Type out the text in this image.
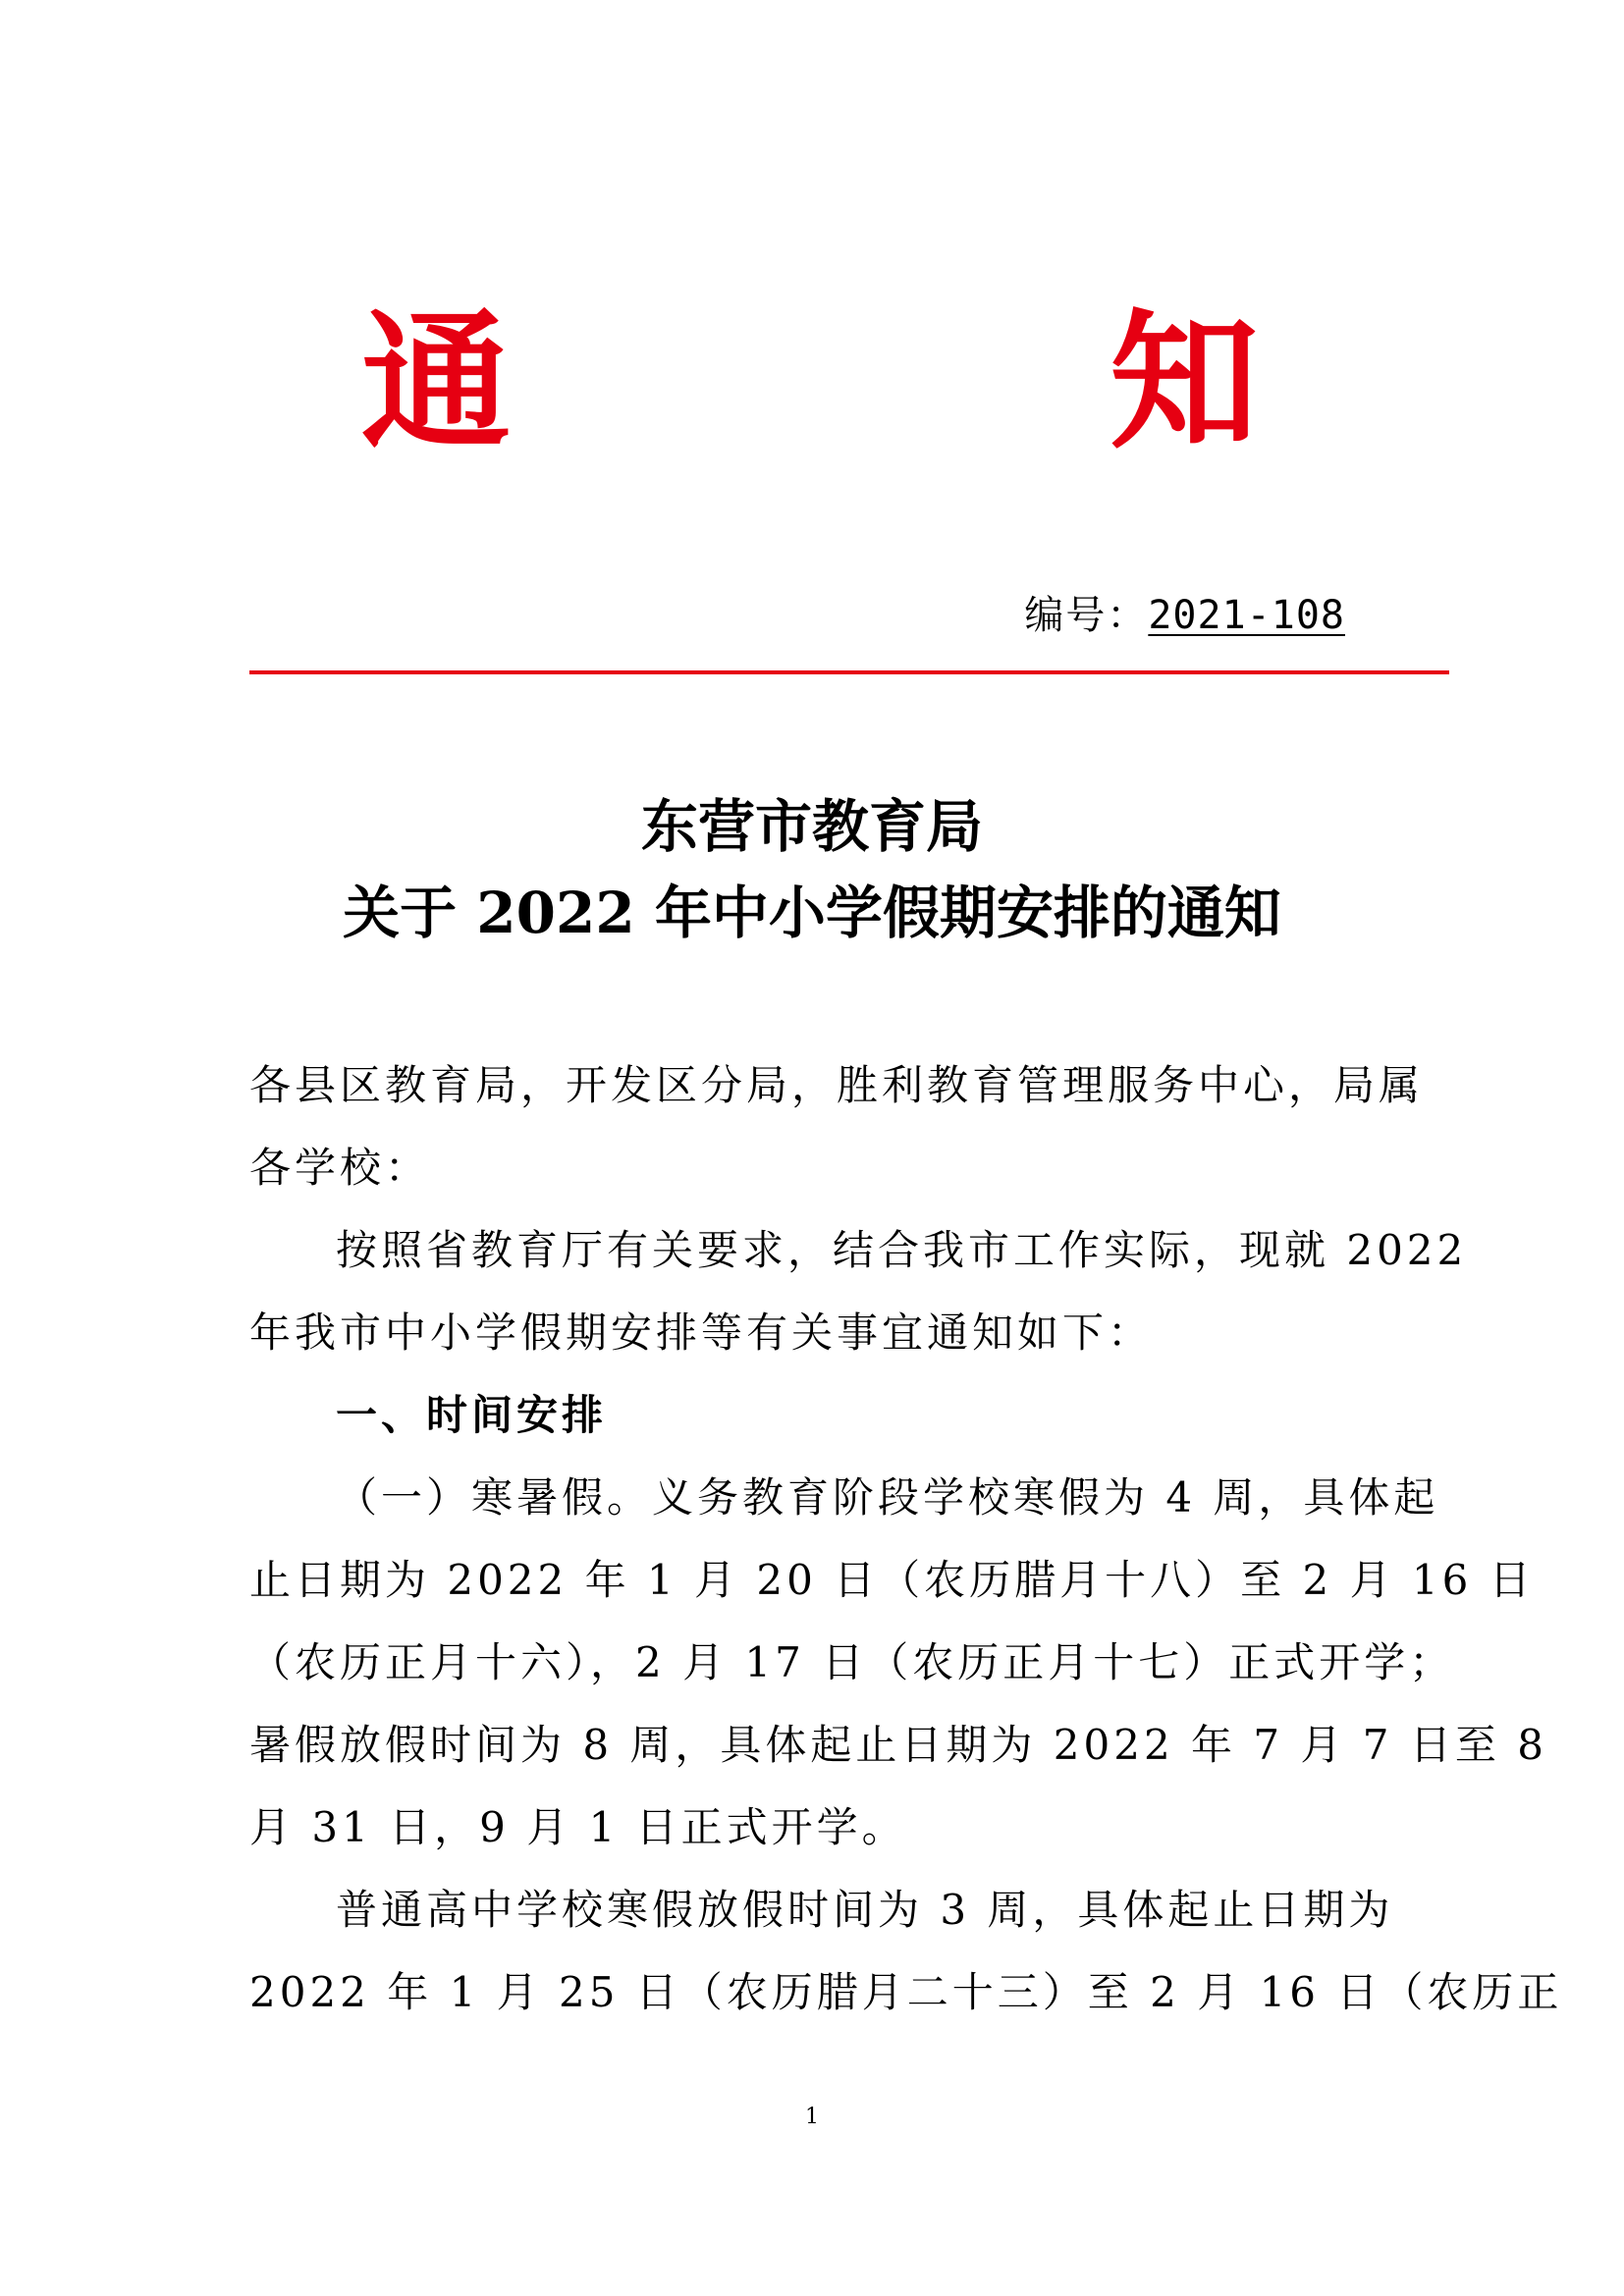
通	知
编号：2021-108
东营市教育局
关于 2022 年中小学假期安排的通知

各县区教育局，开发区分局，胜利教育管理服务中心，局属

各学校：

按照省教育厅有关要求，结合我市工作实际，现就 2022

年我市中小学假期安排等有关事宜通知如下：

一、时间安排

（一）寒暑假。义务教育阶段学校寒假为 4 周，具体起

止日期为 2022 年 1 月 20 日（农历腊月十八）至 2 月 16 日

（农历正月十六），2 月 17 日（农历正月十七）正式开学；

暑假放假时间为 8 周，具体起止日期为 2022 年 7 月 7 日至 8

月 31 日，9 月 1 日正式开学。

普通高中学校寒假放假时间为 3 周，具体起止日期为

2022 年 1 月 25 日（农历腊月二十三）至 2 月 16 日（农历正

1
